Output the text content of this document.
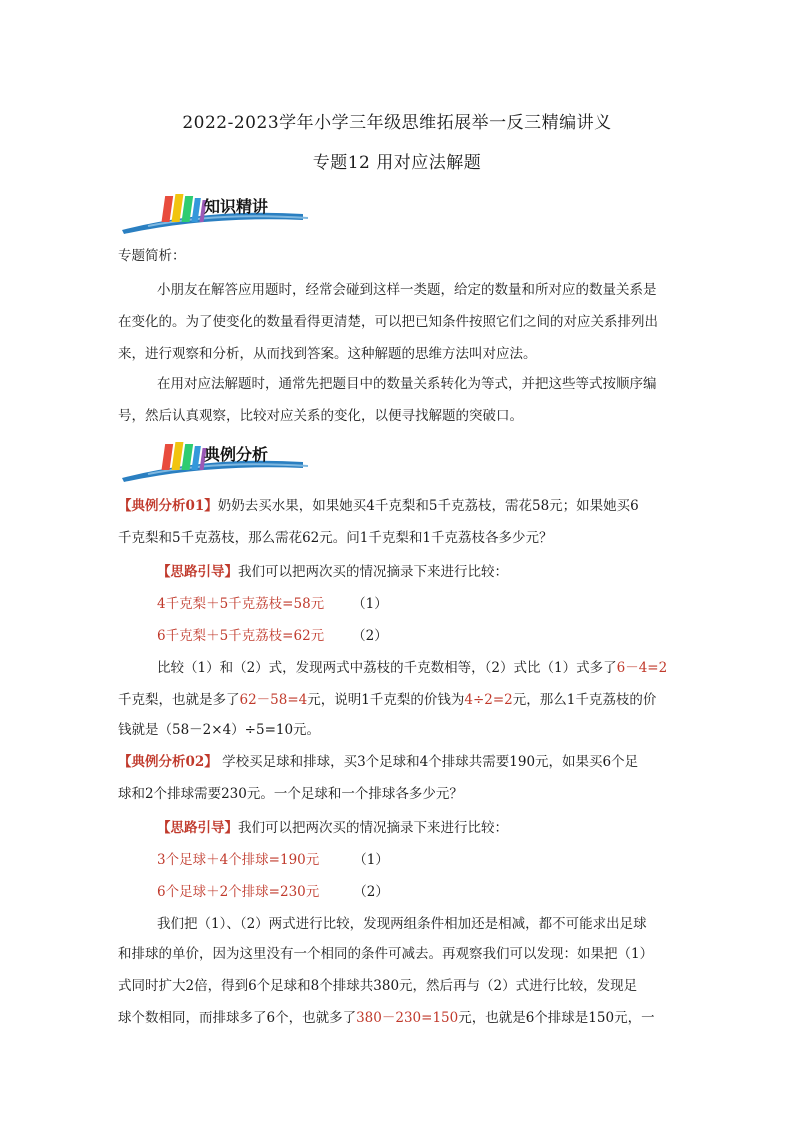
2022-2023学年小学三年级思维拓展举一反三精编讲义
专题12 用对应法解题
知识精讲
专题简析：
小朋友在解答应用题时，经常会碰到这样一类题，给定的数量和所对应的数量关系是
在变化的。为了使变化的数量看得更清楚，可以把已知条件按照它们之间的对应关系排列出
来，进行观察和分析，从而找到答案。这种解题的思维方法叫对应法。
在用对应法解题时，通常先把题目中的数量关系转化为等式，并把这些等式按顺序编
号，然后认真观察，比较对应关系的变化，以便寻找解题的突破口。
典例分析
【典例分析01】奶奶去买水果，如果她买4千克梨和5千克荔枝，需花58元；如果她买6
千克梨和5千克荔枝，那么需花62元。问1千克梨和1千克荔枝各多少元？
【思路引导】我们可以把两次买的情况摘录下来进行比较：
4千克梨＋5千克荔枝=58元 （1）
6千克梨＋5千克荔枝=62元 （2）
比较（1）和（2）式，发现两式中荔枝的千克数相等，（2）式比（1）式多了6－4=2
千克梨，也就是多了62－58=4元，说明1千克梨的价钱为4÷2=2元，那么1千克荔枝的价
钱就是（58－2×4）÷5=10元。
【典例分析02】 学校买足球和排球，买3个足球和4个排球共需要190元，如果买6个足
球和2个排球需要230元。一个足球和一个排球各多少元？
【思路引导】我们可以把两次买的情况摘录下来进行比较：
3个足球＋4个排球=190元	（1）
6个足球＋2个排球=230元	（2）
我们把（1）、（2）两式进行比较，发现两组条件相加还是相减，都不可能求出足球
和排球的单价，因为这里没有一个相同的条件可减去。再观察我们可以发现：如果把（1）
式同时扩大2倍，得到6个足球和8个排球共380元，然后再与（2）式进行比较，发现足
球个数相同，而排球多了6个，也就多了380－230=150元，也就是6个排球是150元，一
